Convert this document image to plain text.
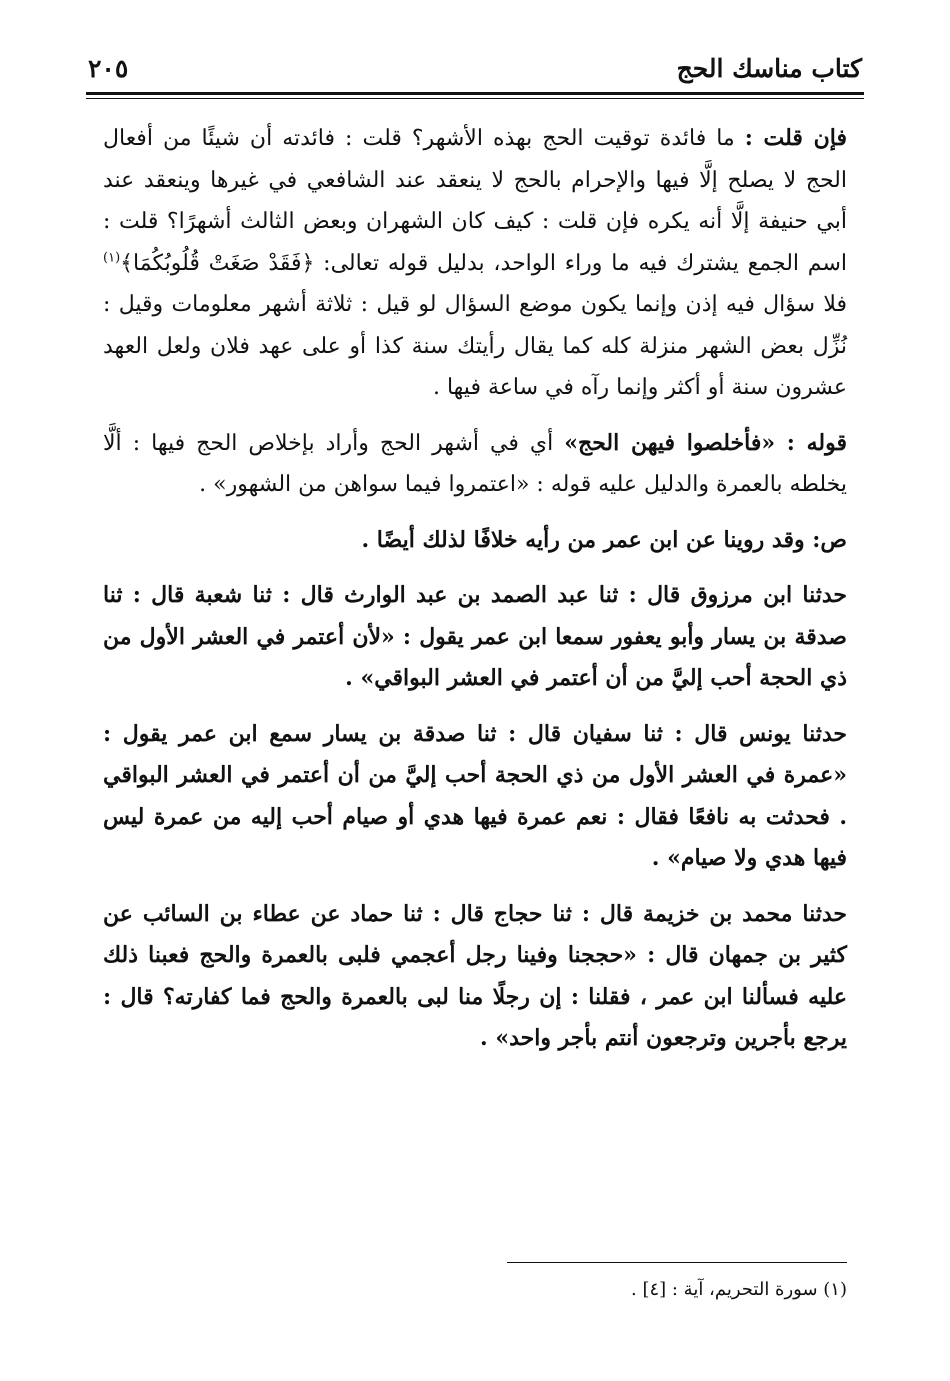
كتاب مناسك الحج
٢٠٥

فإن قلت : ما فائدة توقيت الحج بهذه الأشهر؟ قلت : فائدته أن شيئًا من أفعال الحج لا يصلح إلَّا فيها والإحرام بالحج لا ينعقد عند الشافعي في غيرها وينعقد عند أبي حنيفة إلَّا أنه يكره فإن قلت : كيف كان الشهران وبعض الثالث أشهرًا؟ قلت : اسم الجمع يشترك فيه ما وراء الواحد، بدليل قوله تعالى: ﴿فَقَدْ صَغَتْ قُلُوبُكُمَا﴾$^{(١)}$ فلا سؤال فيه إذن وإنما يكون موضع السؤال لو قيل : ثلاثة أشهر معلومات وقيل : نُزِّل بعض الشهر منزلة كله كما يقال رأيتك سنة كذا أو على عهد فلان ولعل العهد عشرون سنة أو أكثر وإنما رآه في ساعة فيها .

قوله : «فأخلصوا فيهن الحج» أي في أشهر الحج وأراد بإخلاص الحج فيها : ألَّا يخلطه بالعمرة والدليل عليه قوله : «اعتمروا فيما سواهن من الشهور» .

ص: وقد روينا عن ابن عمر من رأيه خلافًا لذلك أيضًا .

حدثنا ابن مرزوق قال : ثنا عبد الصمد بن عبد الوارث قال : ثنا شعبة قال : ثنا صدقة بن يسار وأبو يعفور سمعا ابن عمر يقول : «لأن أعتمر في العشر الأول من ذي الحجة أحب إليَّ من أن أعتمر في العشر البواقي» .

حدثنا يونس قال : ثنا سفيان قال : ثنا صدقة بن يسار سمع ابن عمر يقول : «عمرة في العشر الأول من ذي الحجة أحب إليَّ من أن أعتمر في العشر البواقي . فحدثت به نافعًا فقال : نعم عمرة فيها هدي أو صيام أحب إليه من عمرة ليس فيها هدي ولا صيام» .

حدثنا محمد بن خزيمة قال : ثنا حجاج قال : ثنا حماد عن عطاء بن السائب عن كثير بن جمهان قال : «حججنا وفينا رجل أعجمي فلبى بالعمرة والحج فعبنا ذلك عليه فسألنا ابن عمر ، فقلنا : إن رجلًا منا لبى بالعمرة والحج فما كفارته؟ قال : يرجع بأجرين وترجعون أنتم بأجر واحد» .

(١) سورة التحريم، آية : [٤] .
